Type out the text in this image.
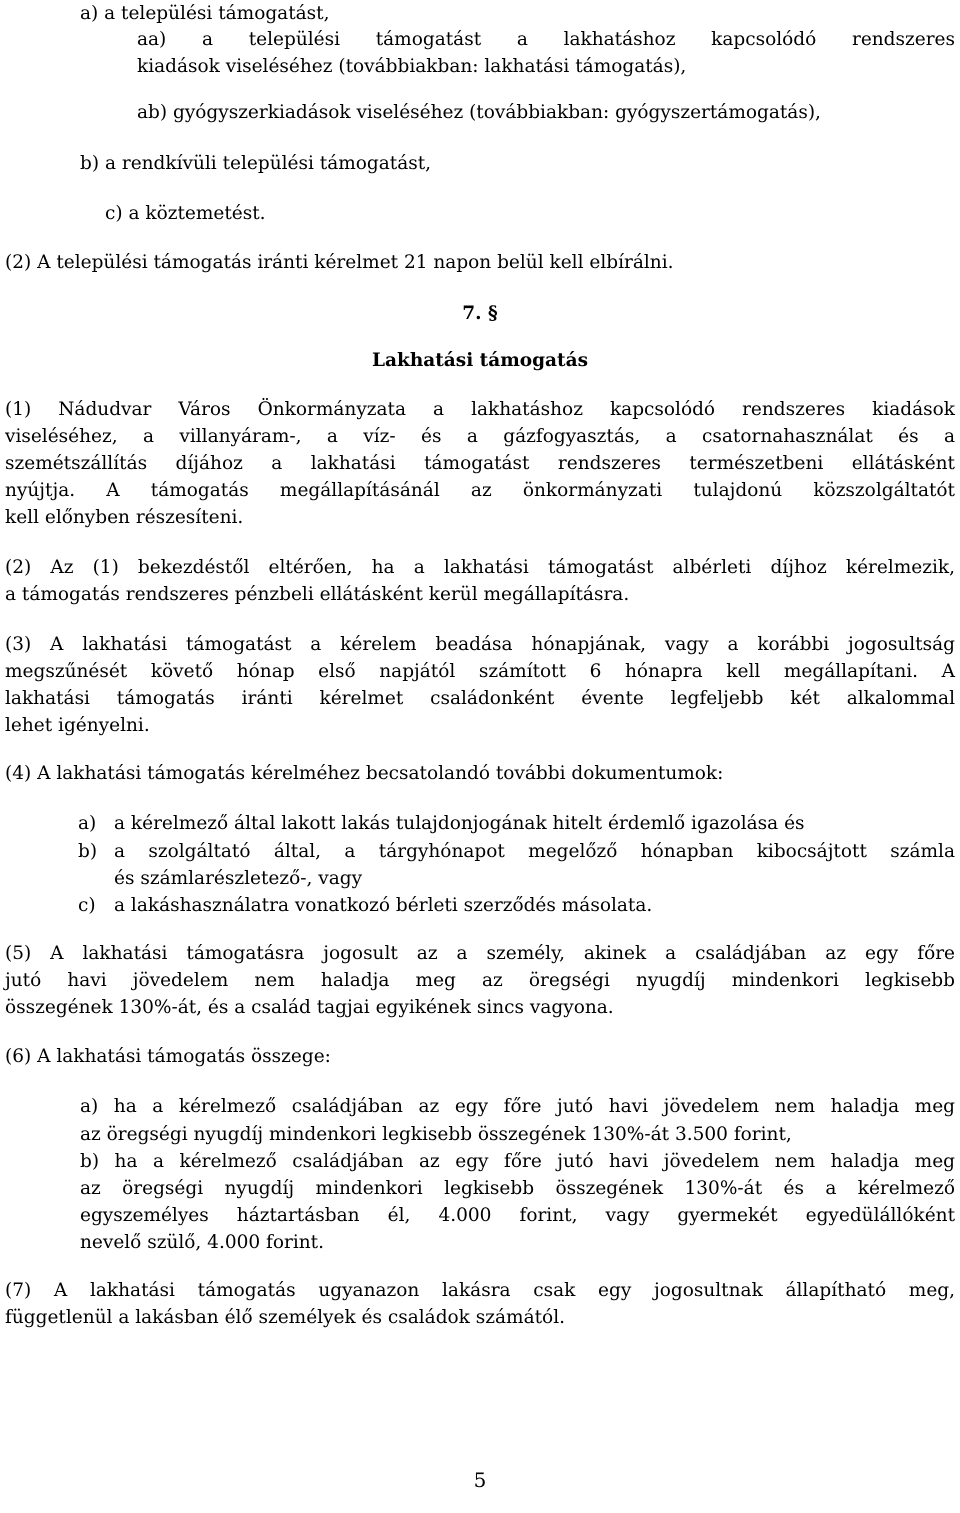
a) a települési támogatást,
aa) a települési támogatást a lakhatáshoz kapcsolódó rendszeres
kiadások viseléséhez (továbbiakban: lakhatási támogatás),
ab) gyógyszerkiadások viseléséhez (továbbiakban: gyógyszertámogatás),
b) a rendkívüli települési támogatást,
c) a köztemetést.
(2) A települési támogatás iránti kérelmet 21 napon belül kell elbírálni.
7. §
Lakhatási támogatás
(1) Nádudvar Város Önkormányzata a lakhatáshoz kapcsolódó rendszeres kiadások
viseléséhez, a villanyáram-, a víz- és a gázfogyasztás, a csatornahasználat és a
szemétszállítás díjához a lakhatási támogatást rendszeres természetbeni ellátásként
nyújtja. A támogatás megállapításánál az önkormányzati tulajdonú közszolgáltatót
kell előnyben részesíteni.
(2) Az (1) bekezdéstől eltérően, ha a lakhatási támogatást albérleti díjhoz kérelmezik,
a támogatás rendszeres pénzbeli ellátásként kerül megállapításra.
(3) A lakhatási támogatást a kérelem beadása hónapjának, vagy a korábbi jogosultság
megszűnését követő hónap első napjától számított 6 hónapra kell megállapítani. A
lakhatási támogatás iránti kérelmet családonként évente legfeljebb két alkalommal
lehet igényelni.
(4) A lakhatási támogatás kérelméhez becsatolandó további dokumentumok:
a) a kérelmező által lakott lakás tulajdonjogának hitelt érdemlő igazolása és
b) a szolgáltató által, a tárgyhónapot megelőző hónapban kibocsájtott számla
és számlarészletező-, vagy
c) a lakáshasználatra vonatkozó bérleti szerződés másolata.
(5) A lakhatási támogatásra jogosult az a személy, akinek a családjában az egy főre
jutó havi jövedelem nem haladja meg az öregségi nyugdíj mindenkori legkisebb
összegének 130%-át, és a család tagjai egyikének sincs vagyona.
(6) A lakhatási támogatás összege:
a) ha a kérelmező családjában az egy főre jutó havi jövedelem nem haladja meg
az öregségi nyugdíj mindenkori legkisebb összegének 130%-át 3.500 forint,
b) ha a kérelmező családjában az egy főre jutó havi jövedelem nem haladja meg
az öregségi nyugdíj mindenkori legkisebb összegének 130%-át és a kérelmező
egyszemélyes háztartásban él, 4.000 forint, vagy gyermekét egyedülállóként
nevelő szülő, 4.000 forint.
(7) A lakhatási támogatás ugyanazon lakásra csak egy jogosultnak állapítható meg,
függetlenül a lakásban élő személyek és családok számától.
5
